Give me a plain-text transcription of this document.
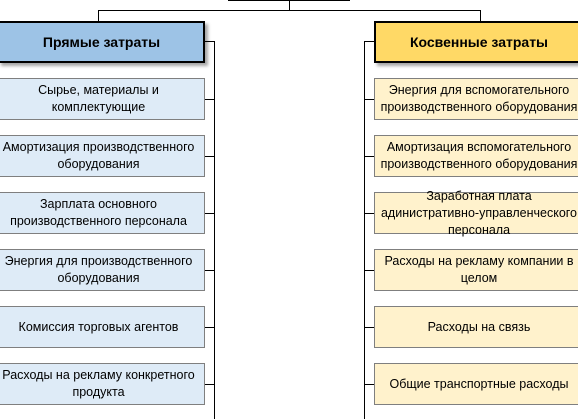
Прямые затраты	Косвенные затраты
Сырье, материалы и комплектующие
Амортизация производственного оборудования
Зарплата основного производственного персонала
Энергия для производственного оборудования
Комиссия торговых агентов
Расходы на рекламу конкретного продукта
Энергия для вспомогательного производственного оборудования
Амортизация вспомогательного производственного оборудования
Заработная плата адинистративно-управленческого персонала
Расходы на рекламу компании в целом
Расходы на связь
Общие транспортные расходы
